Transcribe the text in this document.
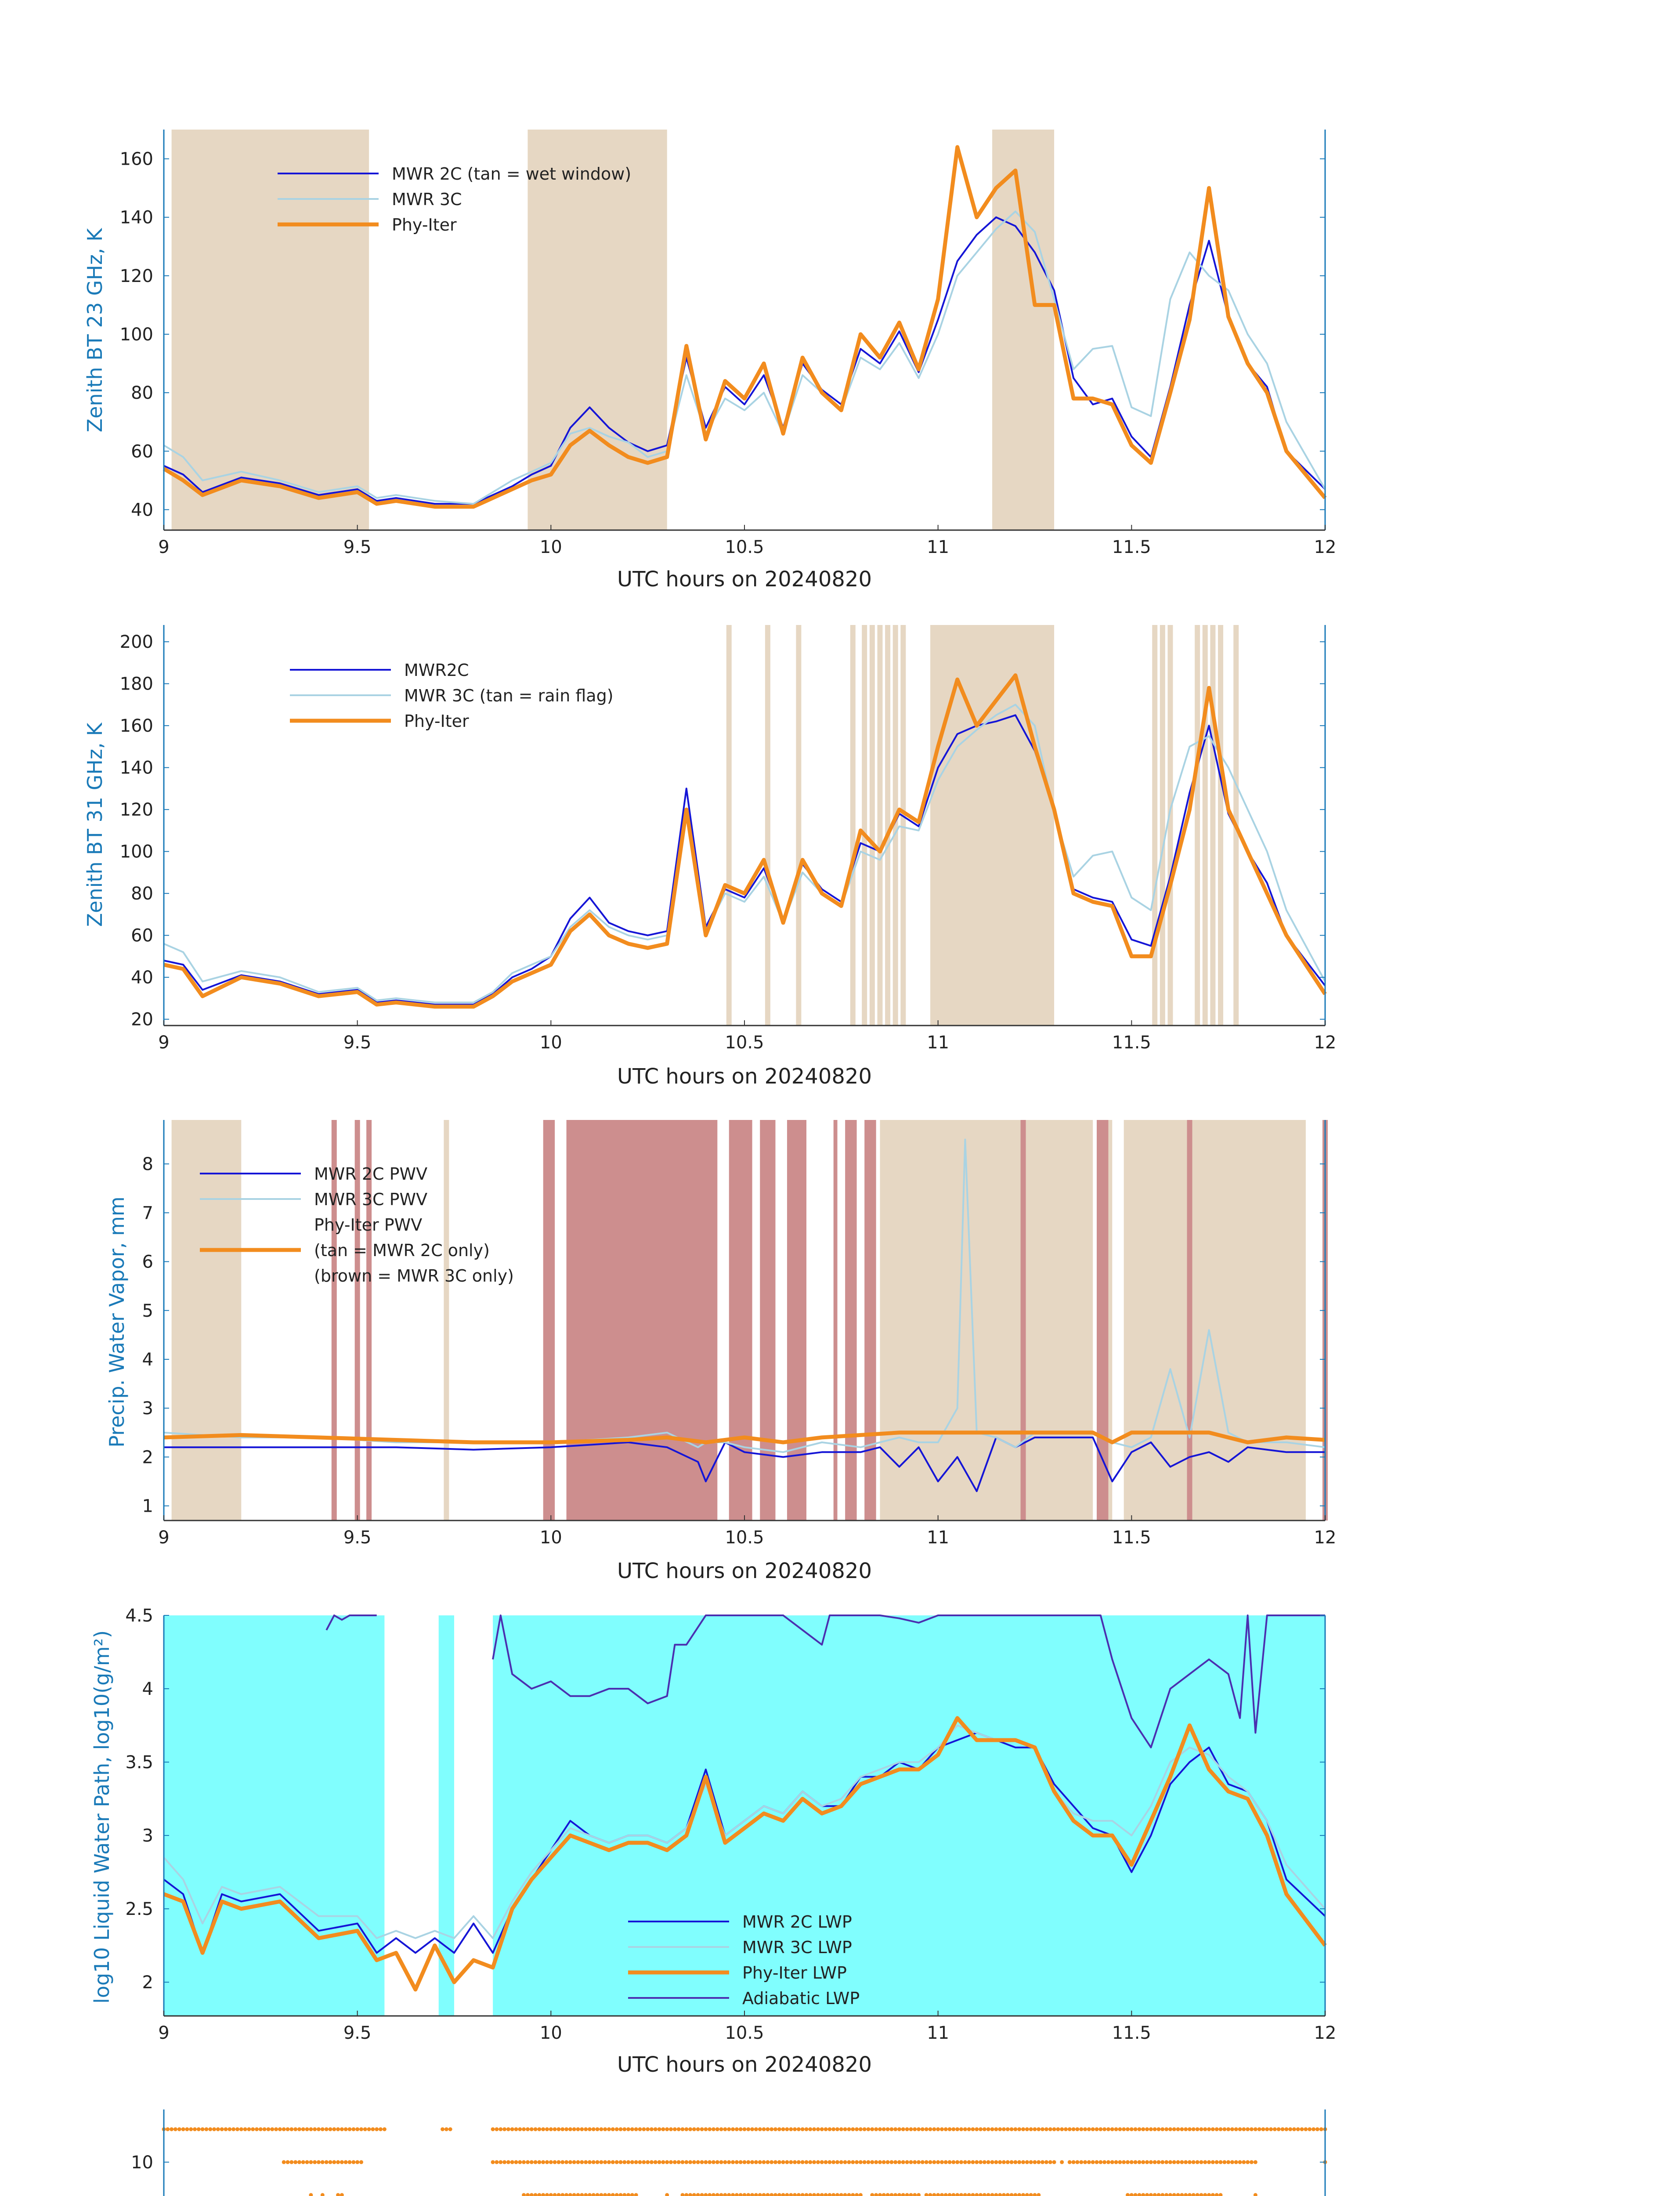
9	9.5	10	10.5	11	11.5	12
40
60
80
100
120
140
160
UTC hours on 20240820
Zenith BT 23 GHz, K
MWR 2C (tan = wet window)
MWR 3C
Phy-Iter
9	9.5	10	10.5	11	11.5	12
20
40
60
80
100
120
140
160
180
200
UTC hours on 20240820
Zenith BT 31 GHz, K
MWR2C
MWR 3C (tan = rain flag)
Phy-Iter
9	9.5	10	10.5	11	11.5	12
1
2
3
4
5
6
7
8
UTC hours on 20240820
Precip. Water Vapor, mm
MWR 2C PWV
MWR 3C PWV
Phy-Iter PWV
(tan = MWR 2C only)
(brown = MWR 3C only)
9	9.5	10	10.5	11	11.5	12
2
2.5
3
3.5
4
4.5
UTC hours on 20240820
log10 Liquid Water Path, log10(g/m²)	MWR 2C LWP
MWR 3C LWP
Phy-Iter LWP
Adiabatic LWP
10
